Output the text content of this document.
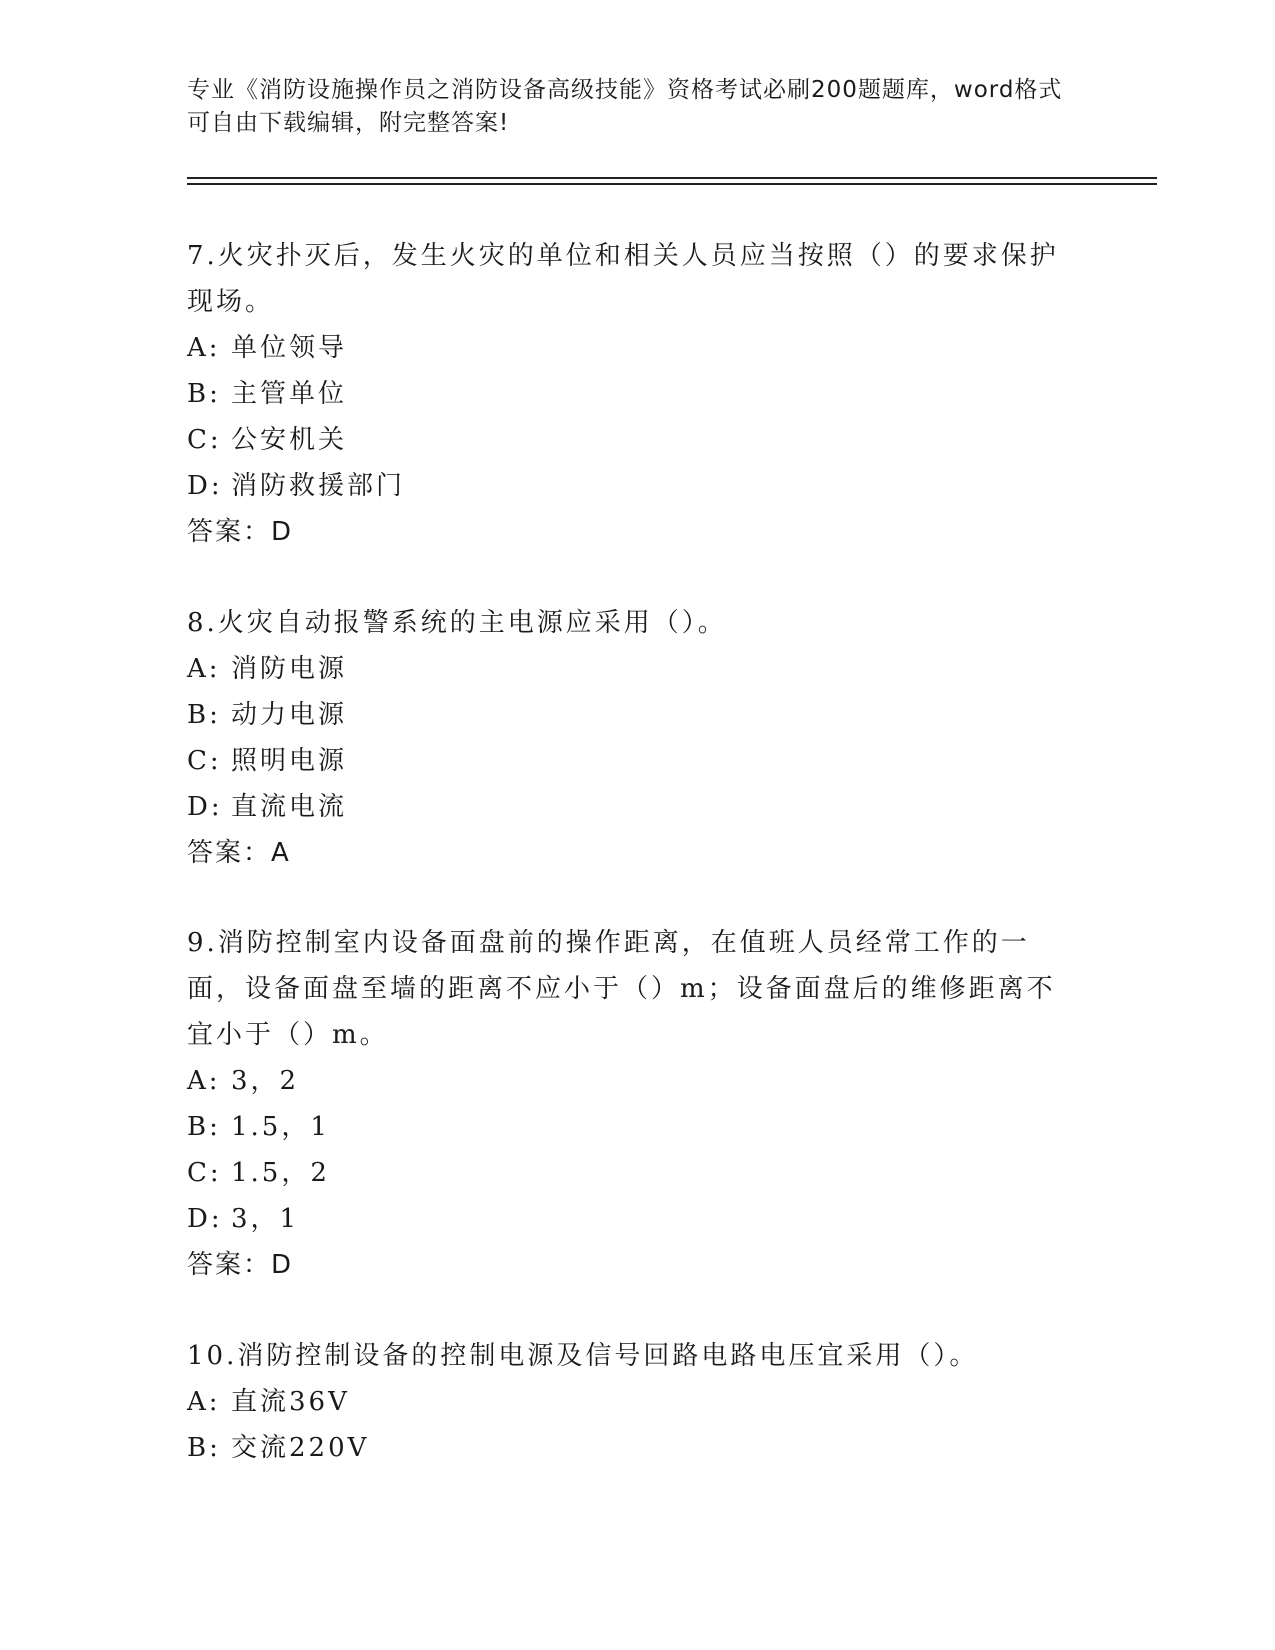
专业《消防设施操作员之消防设备高级技能》资格考试必刷200题题库，word格式可自由下载编辑，附完整答案!
7.火灾扑灭后，发生火灾的单位和相关人员应当按照（）的要求保护现场。
A: 单位领导
B: 主管单位
C: 公安机关
D: 消防救援部门
答案：D
8.火灾自动报警系统的主电源应采用（）。
A: 消防电源
B: 动力电源
C: 照明电源
D: 直流电流
答案：A
9.消防控制室内设备面盘前的操作距离，在值班人员经常工作的一面，设备面盘至墙的距离不应小于（）m；设备面盘后的维修距离不宜小于（）m。
A: 3，2
B: 1.5，1
C: 1.5，2
D: 3，1
答案：D
10.消防控制设备的控制电源及信号回路电路电压宜采用（）。
A: 直流36V
B: 交流220V
